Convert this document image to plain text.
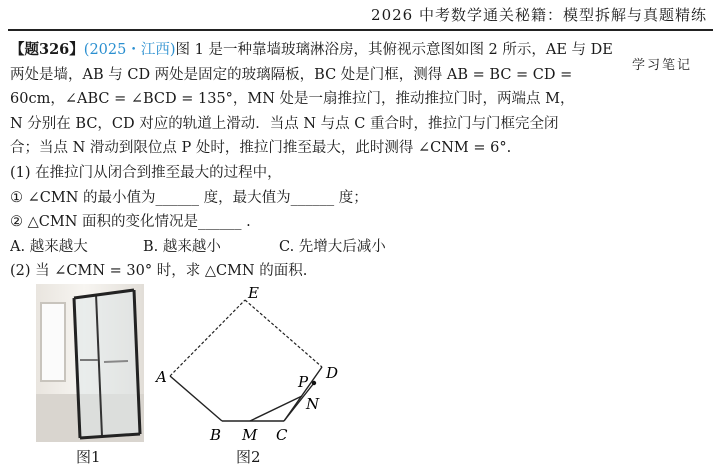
2026 中考数学通关秘籍：模型拆解与真题精练
学习笔记
【题326】(2025・江西)图 1 是一种靠墙玻璃淋浴房，其俯视示意图如图 2 所示，AE 与 DE
两处是墙，AB 与 CD 两处是固定的玻璃隔板，BC 处是门框，测得 AB = BC = CD =
60cm，∠ABC = ∠BCD = 135°，MN 处是一扇推拉门，推动推拉门时，两端点 M，
N 分别在 BC，CD 对应的轨道上滑动．当点 N 与点 C 重合时，推拉门与门框完全闭
合；当点 N 滑动到限位点 P 处时，推拉门推至最大，此时测得 ∠CNM = 6°.
(1) 在推拉门从闭合到推至最大的过程中，
① ∠CMN 的最小值为______ 度，最大值为______ 度；
② △CMN 面积的变化情况是______ .
A. 越来越大	B. 越来越小	C. 先增大后减小
(2) 当 ∠CMN = 30° 时，求 △CMN 的面积.
图1
E
A	D
P
N
B M C
图2
